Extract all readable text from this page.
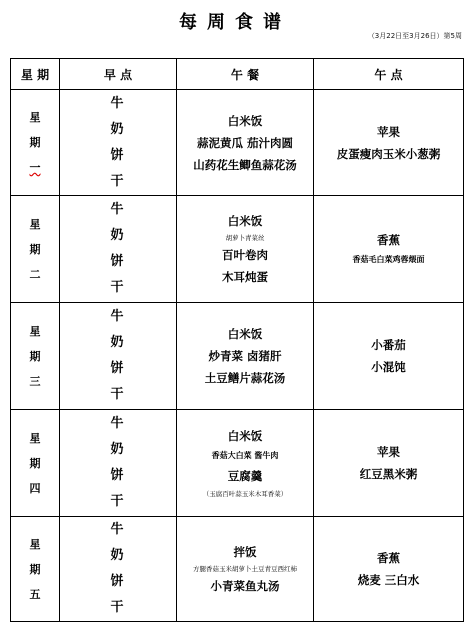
每周食谱
（3月22日至3月26日）第5周
星 期	早 点	午 餐	午 点

星
期
一	牛 奶
饼 干	白米饭
蒜泥黄瓜 茄汁肉圆
山药花生鲫鱼蒜花汤	苹果
皮蛋瘦肉玉米小葱粥

星
期
二	牛 奶
饼 干	白米饭
胡萝卜青菜丝
百叶卷肉
木耳炖蛋	香蕉
香菇毛白菜鸡蓉煨面

星
期
三	牛 奶
饼 干	白米饭
炒青菜 卤猪肝
土豆鳝片蒜花汤	小番茄
小混饨

星
期
四	牛 奶
饼 干	白米饭
香菇大白菜 酱牛肉
豆腐羹
（玉腐百叶蒜玉米木耳香菜）	苹果
红豆黑米粥

星
期
五	牛 奶
饼 干	拌饭
方腿香菇玉米胡萝卜土豆青豆西红柿
小青菜鱼丸汤	香蕉
烧麦 三白水
